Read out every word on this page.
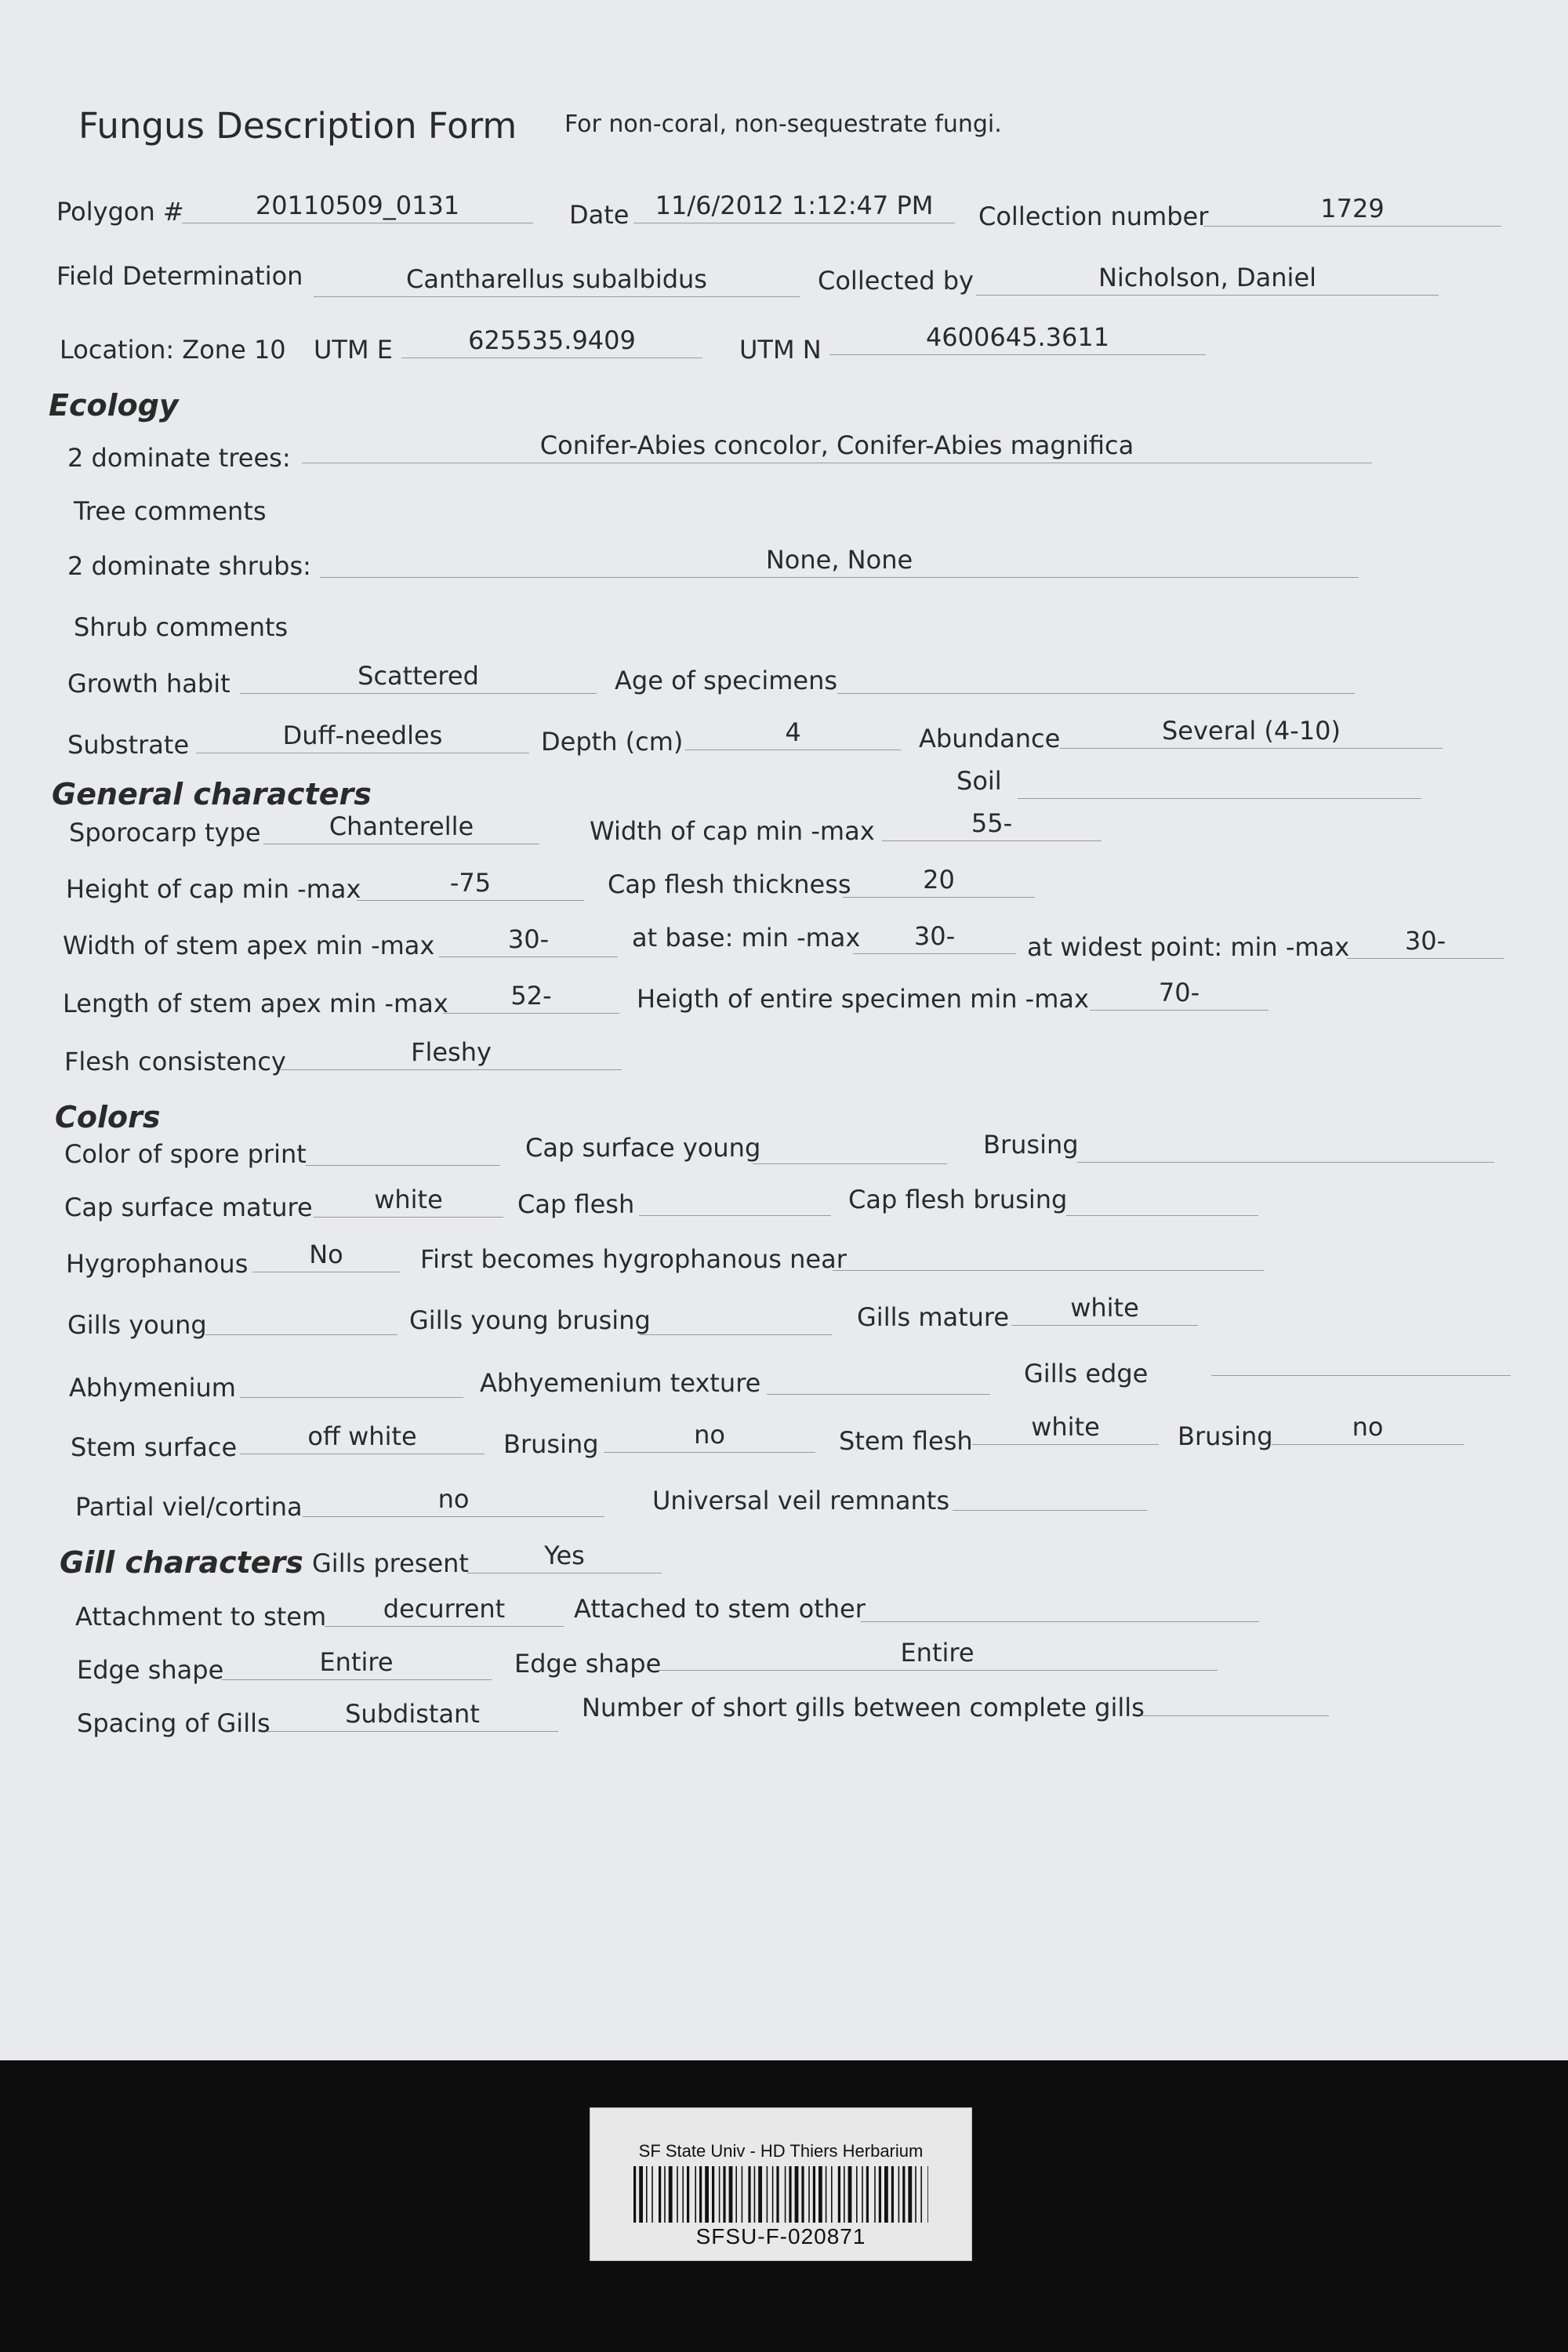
Fungus Description Form For non-coral, non-sequestrate fungi.
Polygon #	20110509_0131	Date	11/6/2012 1:12:47 PM	Collection number	1729
Field Determination	Cantharellus subalbidus	Collected by	Nicholson, Daniel
Location: Zone 10 UTM E	625535.9409	UTM N	4600645.3611
Ecology
2 dominate trees:	Conifer-Abies concolor, Conifer-Abies magnifica
Tree comments
2 dominate shrubs:	None, None
Shrub comments
Growth habit	Scattered	Age of specimens
Substrate	Duff-needles	Depth (cm)	4	Abundance	Several (4-10)
Soil
General characters
Sporocarp type	Chanterelle	Width of cap min -max	55-
Height of cap min -max	-75	Cap flesh thickness	20
Width of stem apex min -max	30-	at base: min -max	30-	at widest point: min -max	30-
Length of stem apex min -max	52-	Heigth of entire specimen min -max	70-
Flesh consistency	Fleshy
Colors
Color of spore print	Cap surface young	Brusing
Cap surface mature	white	Cap flesh	Cap flesh brusing
Hygrophanous	No	First becomes hygrophanous near
Gills young	Gills young brusing	Gills mature	white
Abhymenium	Abhyemenium texture	Gills edge
Stem surface	off white	Brusing	no	Stem flesh	white	Brusing	no
Partial viel/cortina	no	Universal veil remnants
Gill characters Gills present	Yes
Attachment to stem	decurrent	Attached to stem other
Edge shape	Entire	Edge shape	Entire
Spacing of Gills	Subdistant	Number of short gills between complete gills
SF State Univ - HD Thiers Herbarium
SFSU-F-020871
